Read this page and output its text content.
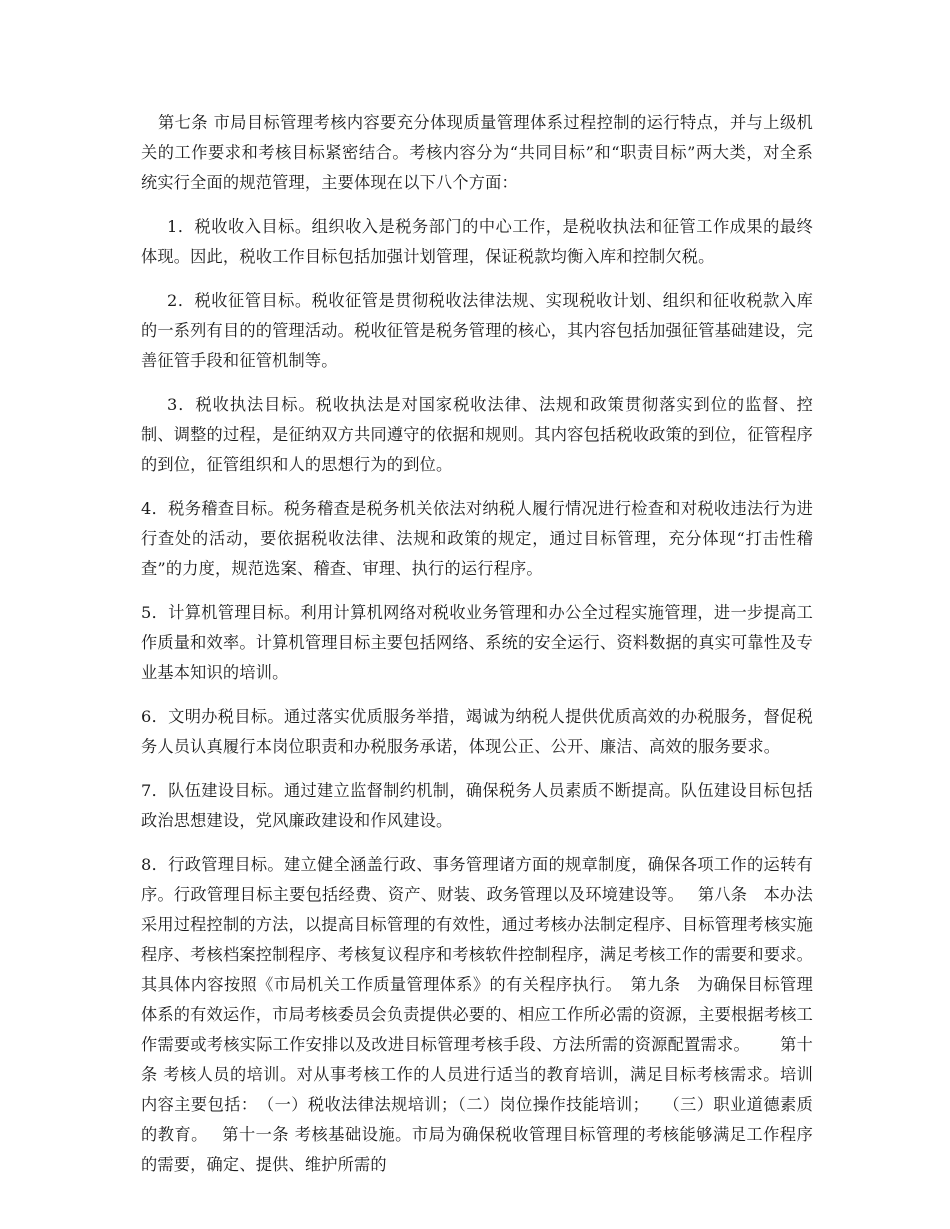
第七条 市局目标管理考核内容要充分体现质量管理体系过程控制的运行特点，并与上级机关的工作要求和考核目标紧密结合。考核内容分为“共同目标”和“职责目标”两大类，对全系统实行全面的规范管理，主要体现在以下八个方面：

1．税收收入目标。组织收入是税务部门的中心工作，是税收执法和征管工作成果的最终体现。因此，税收工作目标包括加强计划管理，保证税款均衡入库和控制欠税。

2．税收征管目标。税收征管是贯彻税收法律法规、实现税收计划、组织和征收税款入库的一系列有目的的管理活动。税收征管是税务管理的核心，其内容包括加强征管基础建设，完善征管手段和征管机制等。

3．税收执法目标。税收执法是对国家税收法律、法规和政策贯彻落实到位的监督、控制、调整的过程，是征纳双方共同遵守的依据和规则。其内容包括税收政策的到位，征管程序的到位，征管组织和人的思想行为的到位。

4．税务稽查目标。税务稽查是税务机关依法对纳税人履行情况进行检查和对税收违法行为进行查处的活动，要依据税收法律、法规和政策的规定，通过目标管理，充分体现“打击性稽查”的力度，规范选案、稽查、审理、执行的运行程序。

5．计算机管理目标。利用计算机网络对税收业务管理和办公全过程实施管理，进一步提高工作质量和效率。计算机管理目标主要包括网络、系统的安全运行、资料数据的真实可靠性及专业基本知识的培训。

6．文明办税目标。通过落实优质服务举措，竭诚为纳税人提供优质高效的办税服务，督促税务人员认真履行本岗位职责和办税服务承诺，体现公正、公开、廉洁、高效的服务要求。

7．队伍建设目标。通过建立监督制约机制，确保税务人员素质不断提高。队伍建设目标包括政治思想建设，党风廉政建设和作风建设。

8．行政管理目标。建立健全涵盖行政、事务管理诸方面的规章制度，确保各项工作的运转有序。行政管理目标主要包括经费、资产、财装、政务管理以及环境建设等。　 第八条　本办法采用过程控制的方法，以提高目标管理的有效性，通过考核办法制定程序、目标管理考核实施程序、考核档案控制程序、考核复议程序和考核软件控制程序，满足考核工作的需要和要求。其具体内容按照《市局机关工作质量管理体系》的有关程序执行。　第九条　为确保目标管理体系的有效运作，市局考核委员会负责提供必要的、相应工作所必需的资源，主要根据考核工作需要或考核实际工作安排以及改进目标管理考核手段、方法所需的资源配置需求。　　 第十条 考核人员的培训。对从事考核工作的人员进行适当的教育培训，满足目标考核需求。培训内容主要包括：　（一）税收法律法规培训；（二）岗位操作技能培训；　 （三）职业道德素质的教育。　 第十一条 考核基础设施。市局为确保税收管理目标管理的考核能够满足工作程序的需要，确定、提供、维护所需的
